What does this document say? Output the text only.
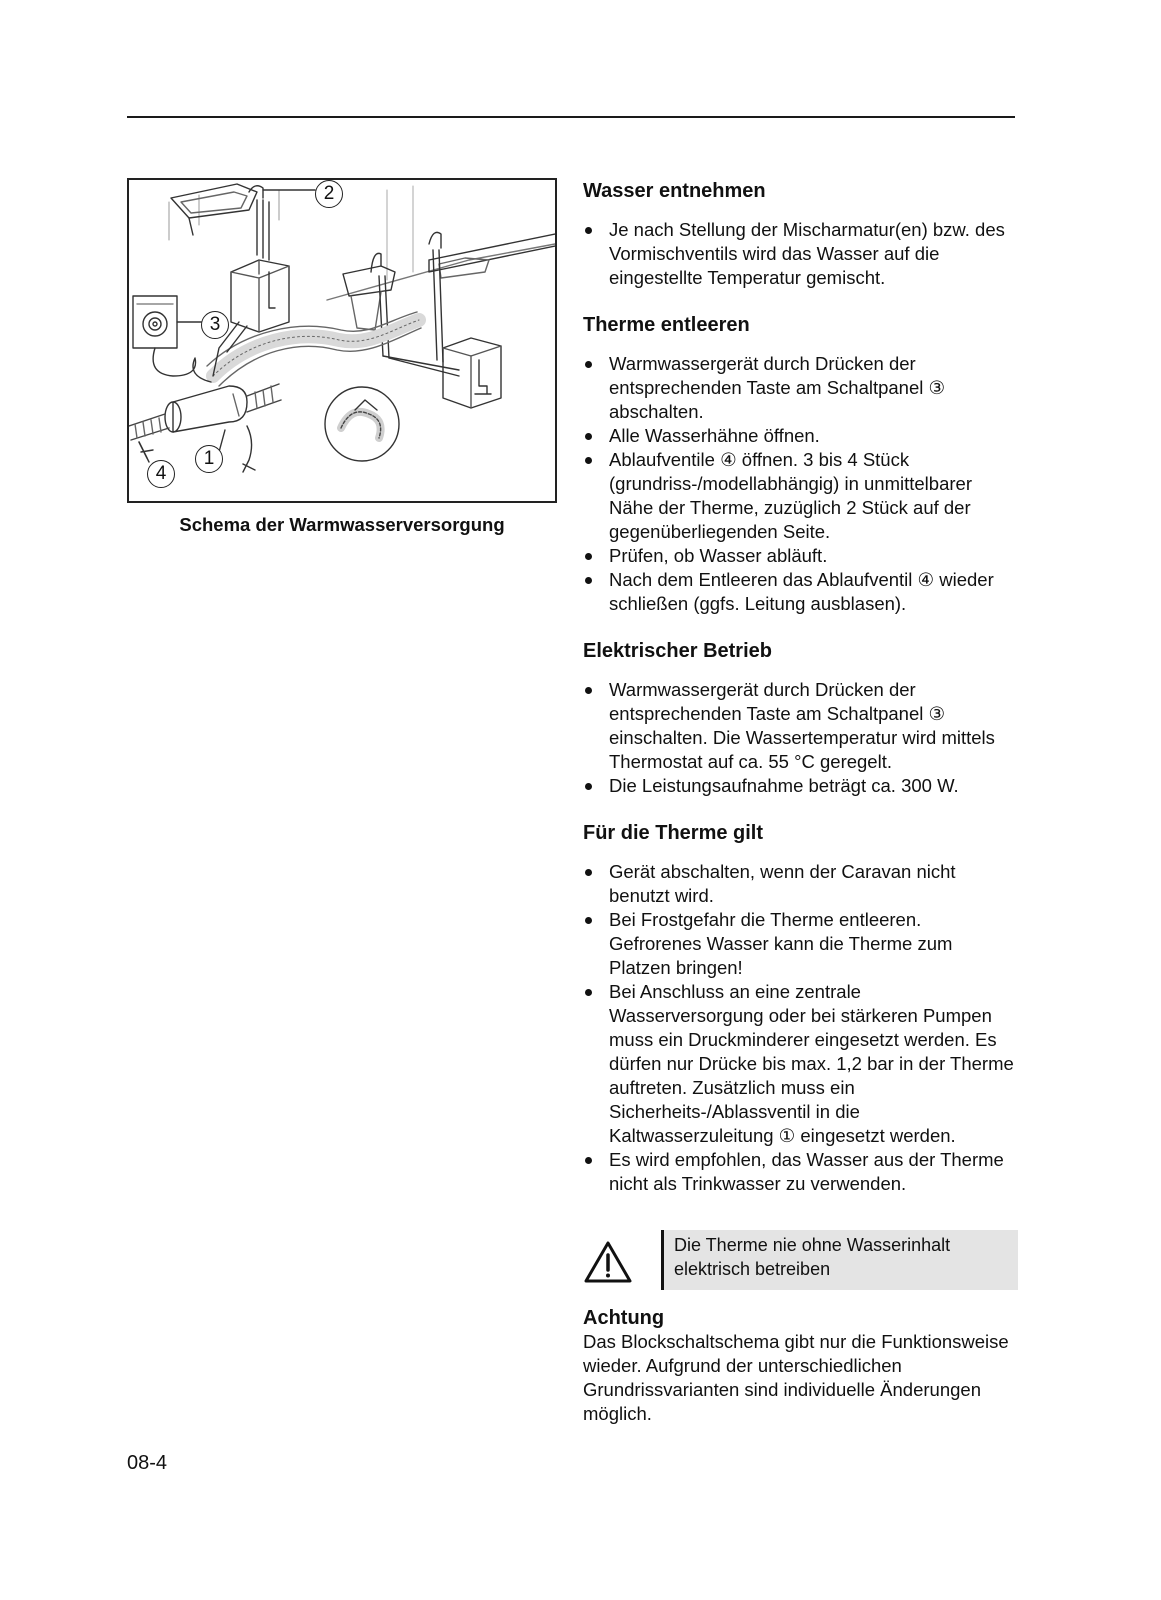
2
3
1
4
Schema der Warmwasserversorgung
Wasser entnehmen
Je nach Stellung der Mischarmatur(en) bzw. des Vormischventils wird das Wasser auf die eingestellte Temperatur gemischt.
Therme entleeren
Warmwassergerät durch Drücken der entsprechenden Taste am Schaltpanel ③ abschalten.
Alle Wasserhähne öffnen.
Ablaufventile ④ öffnen. 3 bis 4 Stück (grundriss-/modellabhängig) in unmittelbarer Nähe der Therme, zuzüglich 2 Stück auf der gegenüberliegenden Seite.
Prüfen, ob Wasser abläuft.
Nach dem Entleeren das Ablaufventil ④ wieder schließen (ggfs. Leitung ausblasen).
Elektrischer Betrieb
Warmwassergerät durch Drücken der entsprechenden Taste am Schaltpanel ③ einschalten. Die Wassertemperatur wird mittels Thermostat auf ca. 55 °C geregelt.
Die Leistungsaufnahme beträgt ca. 300 W.
Für die Therme gilt
Gerät abschalten, wenn der Caravan nicht benutzt wird.
Bei Frostgefahr die Therme entleeren. Gefrorenes Wasser kann die Therme zum Platzen bringen!
Bei Anschluss an eine zentrale Wasserversorgung oder bei stärkeren Pumpen muss ein Druckminderer eingesetzt werden. Es dürfen nur Drücke bis max. 1,2 bar in der Therme auftreten. Zusätzlich muss ein Sicherheits-/Ablassventil in die Kaltwasserzuleitung ① eingesetzt werden.
Es wird empfohlen, das Wasser aus der Therme nicht als Trinkwasser zu verwenden.
Die Therme nie ohne Wasserinhalt elektrisch betreiben
Achtung
Das Blockschaltschema gibt nur die Funktionsweise wieder. Aufgrund der unterschiedlichen Grundrissvarianten sind individuelle Änderungen möglich.
08-4
